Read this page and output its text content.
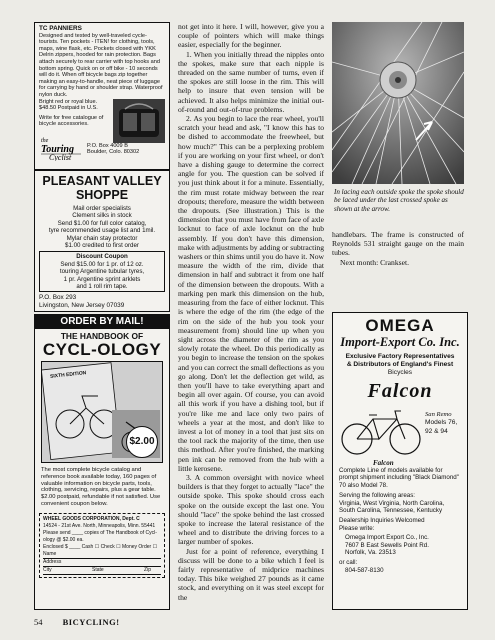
TC PANNIERS
Designed and tested by well-traveled cycle-tourists. Ten pockets - ITEN! for clothing, tools, maps, wine flask, etc. Pockets closed with YKK Delrin zippers, hooded for rain protection. Bags attach securely to rear carrier with top hooks and bottom spring. Quick on or off bike - 10 seconds will do it. When off bicycle bags zip together making an easy-to-handle, neat piece of luggage for carrying by hand or shoulder strap. Waterproof nylon duck.
Bright red or royal blue.
$48.50 Postpaid in U.S.
Write for free catalogue of bicycle accessories.
the
Touring
Cyclist
P.O. Box 4009 B
Boulder, Colo. 80302
PLEASANT VALLEY
SHOPPE
Mail order specialists
Clement silks in stock
Send $1.00 for full color catalog,
tyre recommended usage list and 1mil.
Mylar chain stay protector
$1.00 credited to first order
Discount Coupon
Send $15.00 for 1 pr. of 12 oz.
touring Argentine tubular tyres,
1 pr. Argentine sprint arklets
and 1 roll rim tape.
P.O. Box 293
Livingston, New Jersey 07039
ORDER BY MAIL!
THE HANDBOOK OF
CYCL-OLOGY
SIXTH EDITION
$2.00
The most complete bicycle catalog and reference book available today, 160 pages of valuable information on bicycle parts, tools, clothing, servicing, repairs, plus a gear table. $2.00 postpaid, refundable if not satisfied. Use convenient coupon below.
WHEEL GOODS CORPORATION, Dept. C
14524 - 21st Ave. North, Minneapolis, Minn. 55441
Please send ____ copies of The Handbook of Cycl-ology @ $2.00 ea.
Enclosed $ ____ Cash ☐ Check ☐ Money Order ☐
Name
Address
City	State	Zip

not get into it here. I will, however, give you a couple of pointers which will make things easier, especially for the beginner.

1. When you initially thread the nipples onto the spokes, make sure that each nipple is threaded on the same number of turns, even if the spokes are still loose in the rim. This will help to insure that even tension will be achieved. It also helps minimize the initial out-of-round and out-of-true problems.

2. As you begin to lace the rear wheel, you'll scratch your head and ask, "I know this has to be dished to accommodate the freewheel, but how much?" This can be a perplexing problem if you are working on your first wheel, or don't have a dishing gauge to determine the correct angle for you. The question can be solved if you just think about it for a minute. Essentially, the rim must rotate midway between the rear dropouts; therefore, measure the width between the dropouts. (See illustration.) This is the dimension that you must have from face of axle locknut to face of axle locknut on the hub assembly. If you don't have this dimension, make with adjustments by adding or subtracting washers or thin shims until you do have it. Now measure the width of the rim, divide that dimension in half and subtract it from one half of the dimension between the dropouts. With a marking pen mark this dimension on the hub, measuring from the face of either locknut. This is where the edge of the rim (the edge of the rim on the side of the hub you took your measurement from) should line up when you sight across the diameter of the rim as you slowly rotate the wheel. Do this periodically as you begin to increase the tension on the spokes and you can correct the small deflections as you go along. Don't let the deflection get wild, as then you'll have to take everything apart and begin all over again. Of course, you can avoid all this work if you have a dishing tool, but if you're like me and lace only two pairs of wheels a year at the most, and don't like to invest a lot of money in a tool that just sits on the tool rack the majority of the time, then use this method. After you're finished, the marking pen ink can be removed from the hub with a little kerosene.

3. A common oversight with novice wheel builders is that they forget to actually "lace" the outside spoke. This spoke should cross each spoke on the outside except the last one. You should "lace" the spoke behind the last crossed spoke to increase the lateral resistance of the wheel and to distribute the driving forces to a larger number of spokes.

Just for a point of reference, everything I discuss will be done to a bike which I feel is fairly representative of midprice machines today. This bike weighed 27 pounds as it came stock, and everything on it was steel except for the

In lacing each outside spoke the spoke should be laced under the last crossed spoke as shown at the arrow.

handlebars. The frame is constructed of Reynolds 531 straight gauge on the main tubes.

Next month: Crankset.

OMEGA
Import-Export Co. Inc.
Exclusive Factory Representatives
& Distributors of England's Finest
Bicycles
Falcon
San Remo
Models 76,
92 & 94
Falcon
Complete Line of models available for prompt shipment including "Black Diamond" 70 also Model 78.
Serving the following areas:
Virginia, West Virginia, North Carolina, South Carolina, Tennessee, Kentucky
Dealership Inquiries Welcomed
Please write:
Omega Import Export Co., Inc.
7607 B East Sewells Point Rd.
Norfolk, Va. 23513
or call:
804-587-8130
54 BICYCLING!
